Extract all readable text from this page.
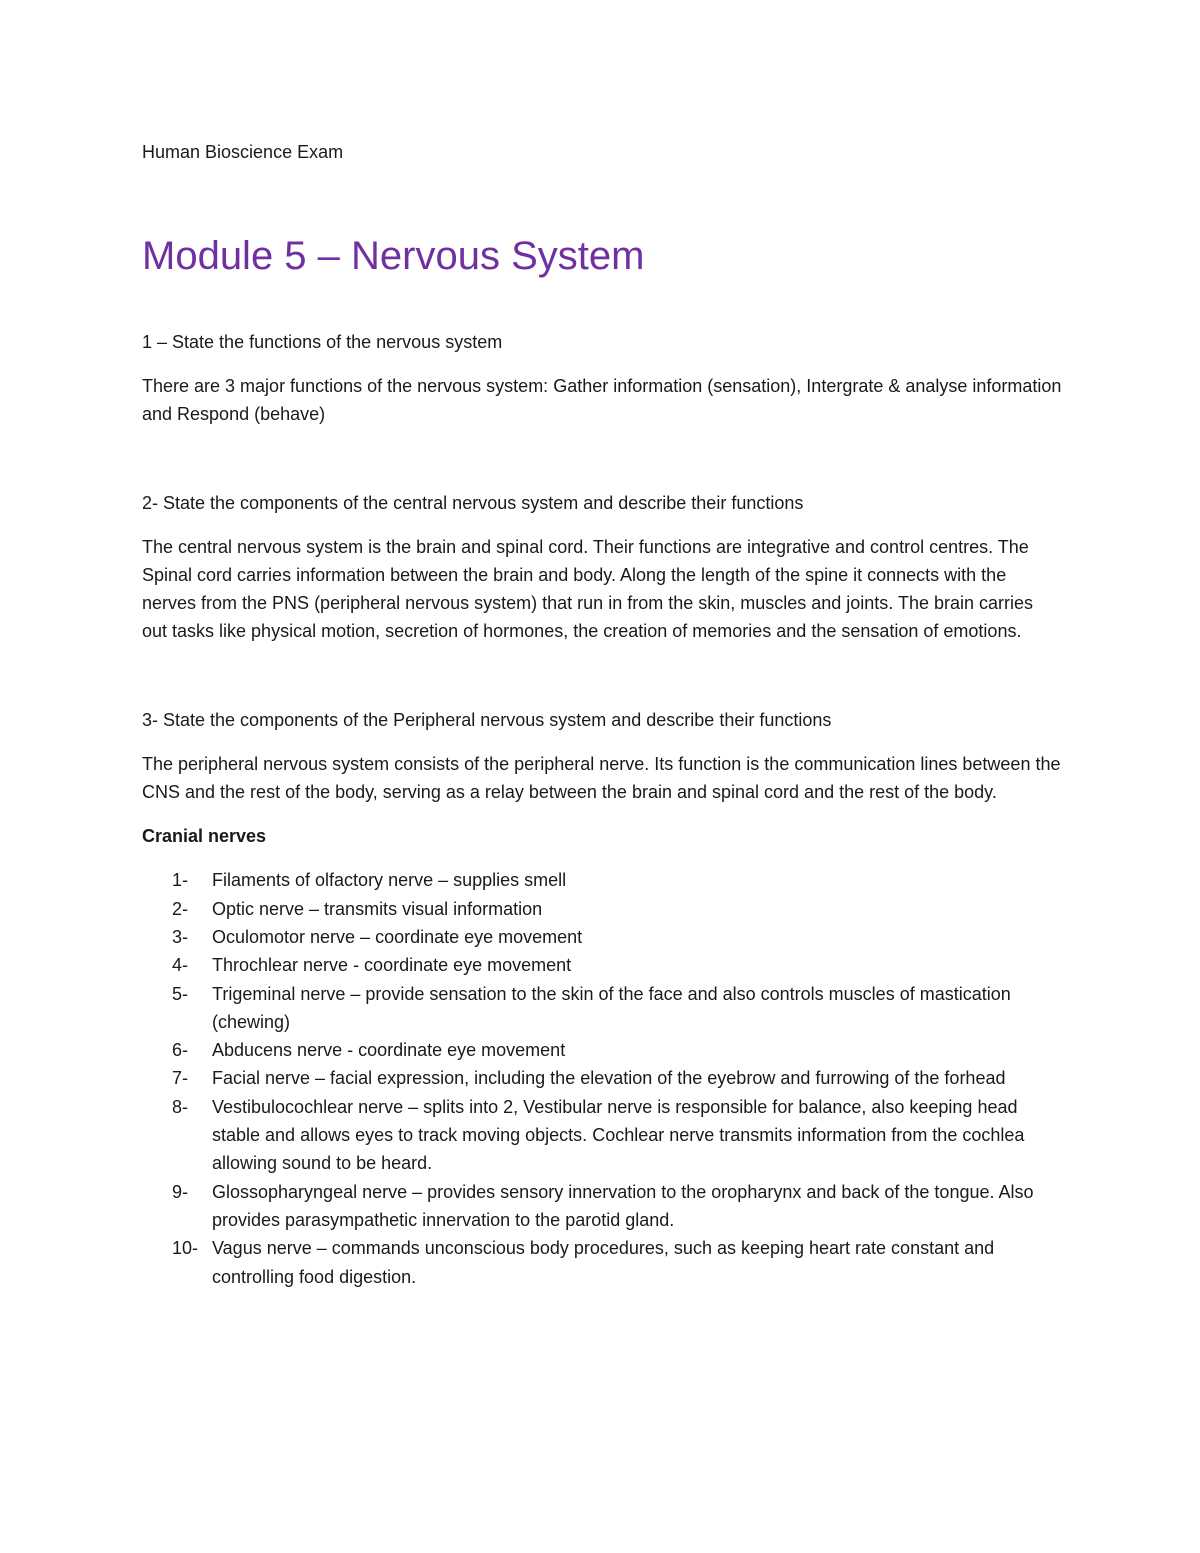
Human Bioscience Exam

Module 5 – Nervous System

1 – State the functions of the nervous system

There are 3 major functions of the nervous system: Gather information (sensation), Intergrate & analyse information and Respond (behave)

2- State the components of the central nervous system and describe their functions

The central nervous system is the brain and spinal cord. Their functions are integrative and control centres. The Spinal cord carries information between the brain and body. Along the length of the spine it connects with the nerves from the PNS (peripheral nervous system) that run in from the skin, muscles and joints. The brain carries out tasks like physical motion, secretion of hormones, the creation of memories and the sensation of emotions.

3- State the components of the Peripheral nervous system and describe their functions

The peripheral nervous system consists of the peripheral nerve. Its function is the communication lines between the CNS and the rest of the body, serving as a relay between the brain and spinal cord and the rest of the body.

Cranial nerves

1- Filaments of olfactory nerve – supplies smell
2- Optic nerve – transmits visual information
3- Oculomotor nerve – coordinate eye movement
4- Throchlear nerve - coordinate eye movement
5- Trigeminal nerve – provide sensation to the skin of the face and also controls muscles of mastication (chewing)
6- Abducens nerve - coordinate eye movement
7- Facial nerve – facial expression, including the elevation of the eyebrow and furrowing of the forhead
8- Vestibulocochlear nerve – splits into 2, Vestibular nerve is responsible for balance, also keeping head stable and allows eyes to track moving objects. Cochlear nerve transmits information from the cochlea allowing sound to be heard.
9- Glossopharyngeal nerve – provides sensory innervation to the oropharynx and back of the tongue. Also provides parasympathetic innervation to the parotid gland.
10- Vagus nerve – commands unconscious body procedures, such as keeping heart rate constant and controlling food digestion.
